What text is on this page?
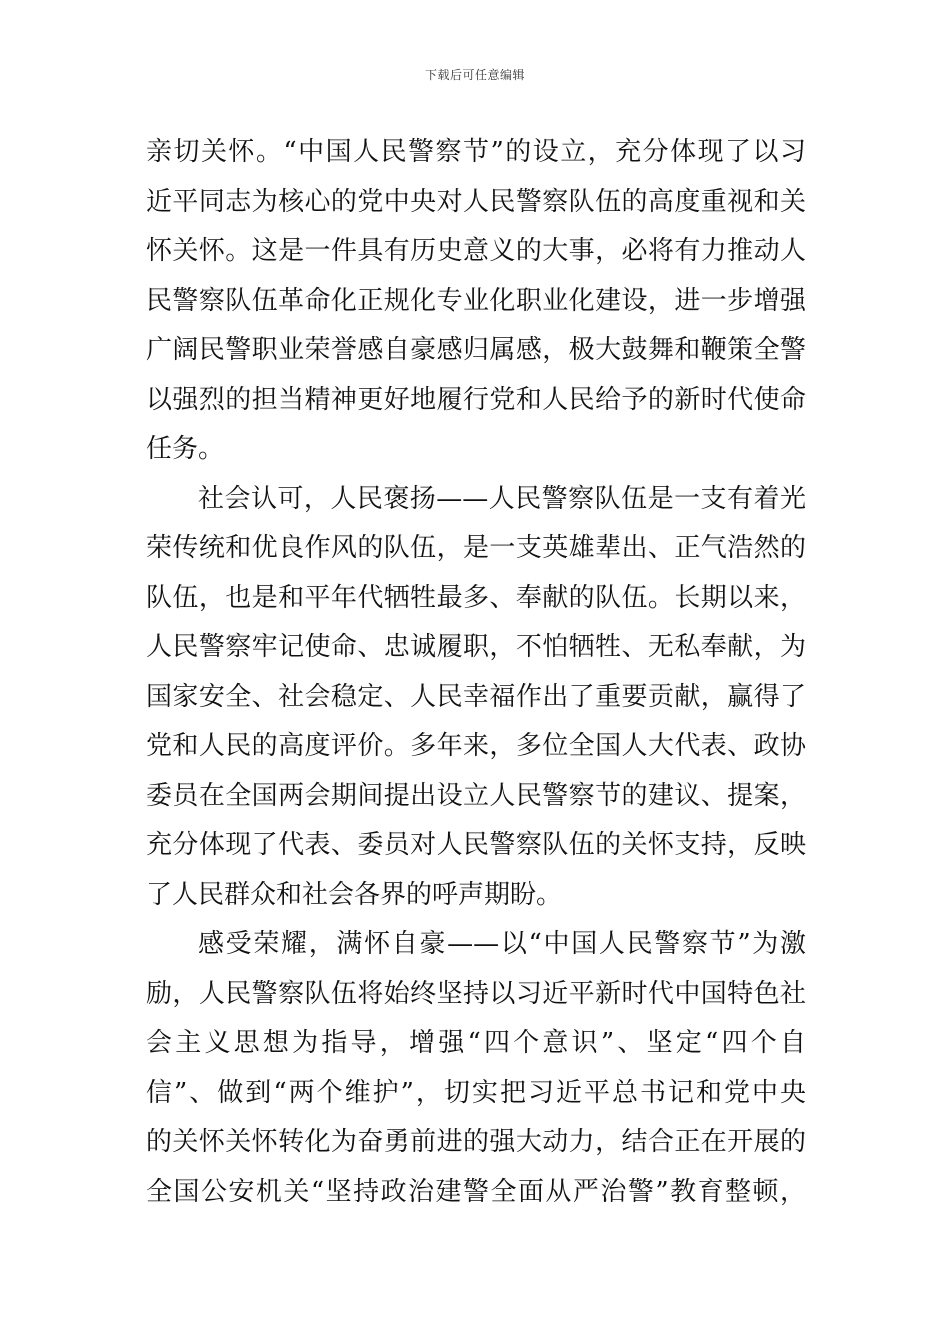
下载后可任意编辑
亲切关怀。“中国人民警察节”的设立，充分体现了以习
近平同志为核心的党中央对人民警察队伍的高度重视和关
怀关怀。这是一件具有历史意义的大事，必将有力推动人
民警察队伍革命化正规化专业化职业化建设，进一步增强
广阔民警职业荣誉感自豪感归属感，极大鼓舞和鞭策全警
以强烈的担当精神更好地履行党和人民给予的新时代使命
任务。
社会认可，人民褒扬——人民警察队伍是一支有着光
荣传统和优良作风的队伍，是一支英雄辈出、正气浩然的
队伍，也是和平年代牺牲最多、奉献的队伍。长期以来，
人民警察牢记使命、忠诚履职，不怕牺牲、无私奉献，为
国家安全、社会稳定、人民幸福作出了重要贡献，赢得了
党和人民的高度评价。多年来，多位全国人大代表、政协
委员在全国两会期间提出设立人民警察节的建议、提案，
充分体现了代表、委员对人民警察队伍的关怀支持，反映
了人民群众和社会各界的呼声期盼。
感受荣耀，满怀自豪——以“中国人民警察节”为激
励，人民警察队伍将始终坚持以习近平新时代中国特色社
会主义思想为指导，增强“四个意识”、坚定“四个自
信”、做到“两个维护”，切实把习近平总书记和党中央
的关怀关怀转化为奋勇前进的强大动力，结合正在开展的
全国公安机关“坚持政治建警全面从严治警”教育整顿，
